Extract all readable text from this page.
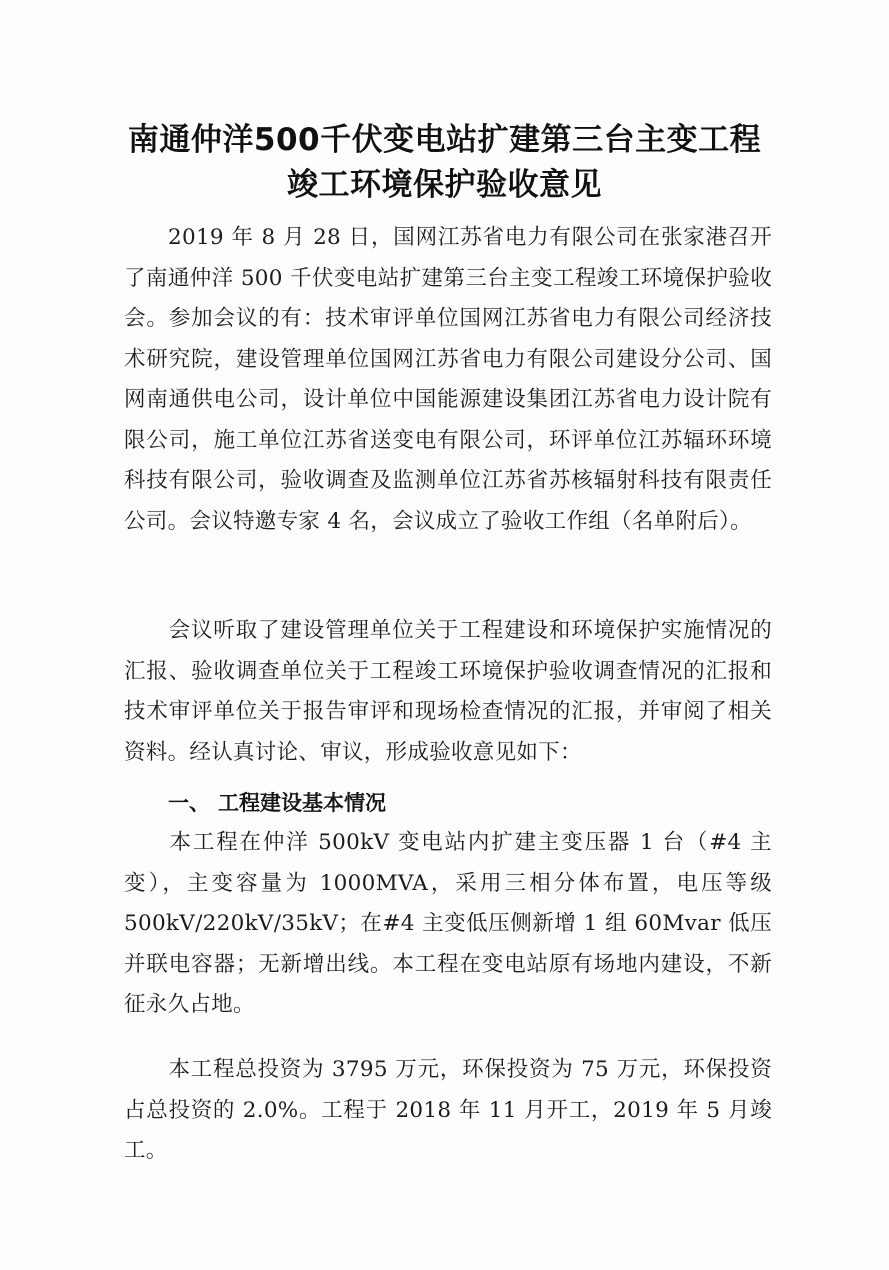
南通仲洋500千伏变电站扩建第三台主变工程
竣工环境保护验收意见

2019 年 8 月 28 日，国网江苏省电力有限公司在张家港召开了南通仲洋 500 千伏变电站扩建第三台主变工程竣工环境保护验收会。参加会议的有：技术审评单位国网江苏省电力有限公司经济技术研究院，建设管理单位国网江苏省电力有限公司建设分公司、国网南通供电公司，设计单位中国能源建设集团江苏省电力设计院有限公司，施工单位江苏省送变电有限公司，环评单位江苏辐环环境科技有限公司，验收调查及监测单位江苏省苏核辐射科技有限责任公司。会议特邀专家 4 名，会议成立了验收工作组（名单附后）。

会议听取了建设管理单位关于工程建设和环境保护实施情况的汇报、验收调查单位关于工程竣工环境保护验收调查情况的汇报和技术审评单位关于报告审评和现场检查情况的汇报，并审阅了相关资料。经认真讨论、审议，形成验收意见如下：

一、 工程建设基本情况

本工程在仲洋 500kV 变电站内扩建主变压器 1 台（#4 主变），主变容量为 1000MVA，采用三相分体布置，电压等级 500kV/220kV/35kV；在#4 主变低压侧新增 1 组 60Mvar 低压并联电容器；无新增出线。本工程在变电站原有场地内建设，不新征永久占地。

本工程总投资为 3795 万元，环保投资为 75 万元，环保投资占总投资的 2.0%。工程于 2018 年 11 月开工，2019 年 5 月竣工。
